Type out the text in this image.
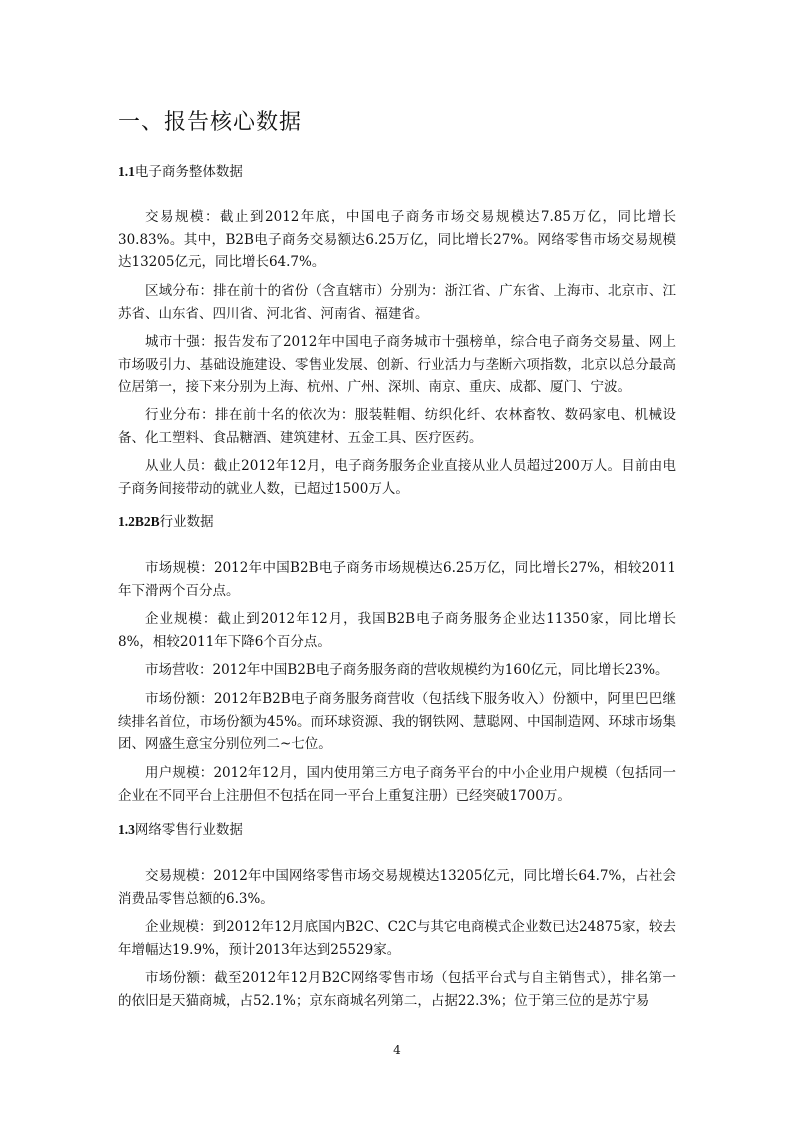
一、报告核心数据

1.1电子商务整体数据

交易规模：截止到2012年底，中国电子商务市场交易规模达7.85万亿，同比增长30.83%。其中，B2B电子商务交易额达6.25万亿，同比增长27%。网络零售市场交易规模达13205亿元，同比增长64.7%。

区域分布：排在前十的省份（含直辖市）分别为：浙江省、广东省、上海市、北京市、江苏省、山东省、四川省、河北省、河南省、福建省。

城市十强：报告发布了2012年中国电子商务城市十强榜单，综合电子商务交易量、网上市场吸引力、基础设施建设、零售业发展、创新、行业活力与垄断六项指数，北京以总分最高位居第一，接下来分别为上海、杭州、广州、深圳、南京、重庆、成都、厦门、宁波。

行业分布：排在前十名的依次为：服装鞋帽、纺织化纤、农林畜牧、数码家电、机械设备、化工塑料、食品糖酒、建筑建材、五金工具、医疗医药。

从业人员：截止2012年12月，电子商务服务企业直接从业人员超过200万人。目前由电子商务间接带动的就业人数，已超过1500万人。

1.2B2B行业数据

市场规模：2012年中国B2B电子商务市场规模达6.25万亿，同比增长27%，相较2011年下滑两个百分点。

企业规模：截止到2012年12月，我国B2B电子商务服务企业达11350家，同比增长8%，相较2011年下降6个百分点。

市场营收：2012年中国B2B电子商务服务商的营收规模约为160亿元，同比增长23%。

市场份额：2012年B2B电子商务服务商营收（包括线下服务收入）份额中，阿里巴巴继续排名首位，市场份额为45%。而环球资源、我的钢铁网、慧聪网、中国制造网、环球市场集团、网盛生意宝分别位列二~七位。

用户规模：2012年12月，国内使用第三方电子商务平台的中小企业用户规模（包括同一企业在不同平台上注册但不包括在同一平台上重复注册）已经突破1700万。

1.3网络零售行业数据

交易规模：2012年中国网络零售市场交易规模达13205亿元，同比增长64.7%，占社会消费品零售总额的6.3%。

企业规模：到2012年12月底国内B2C、C2C与其它电商模式企业数已达24875家，较去年增幅达19.9%，预计2013年达到25529家。

市场份额：截至2012年12月B2C网络零售市场（包括平台式与自主销售式），排名第一的依旧是天猫商城，占52.1%；京东商城名列第二，占据22.3%；位于第三位的是苏宁易

4
